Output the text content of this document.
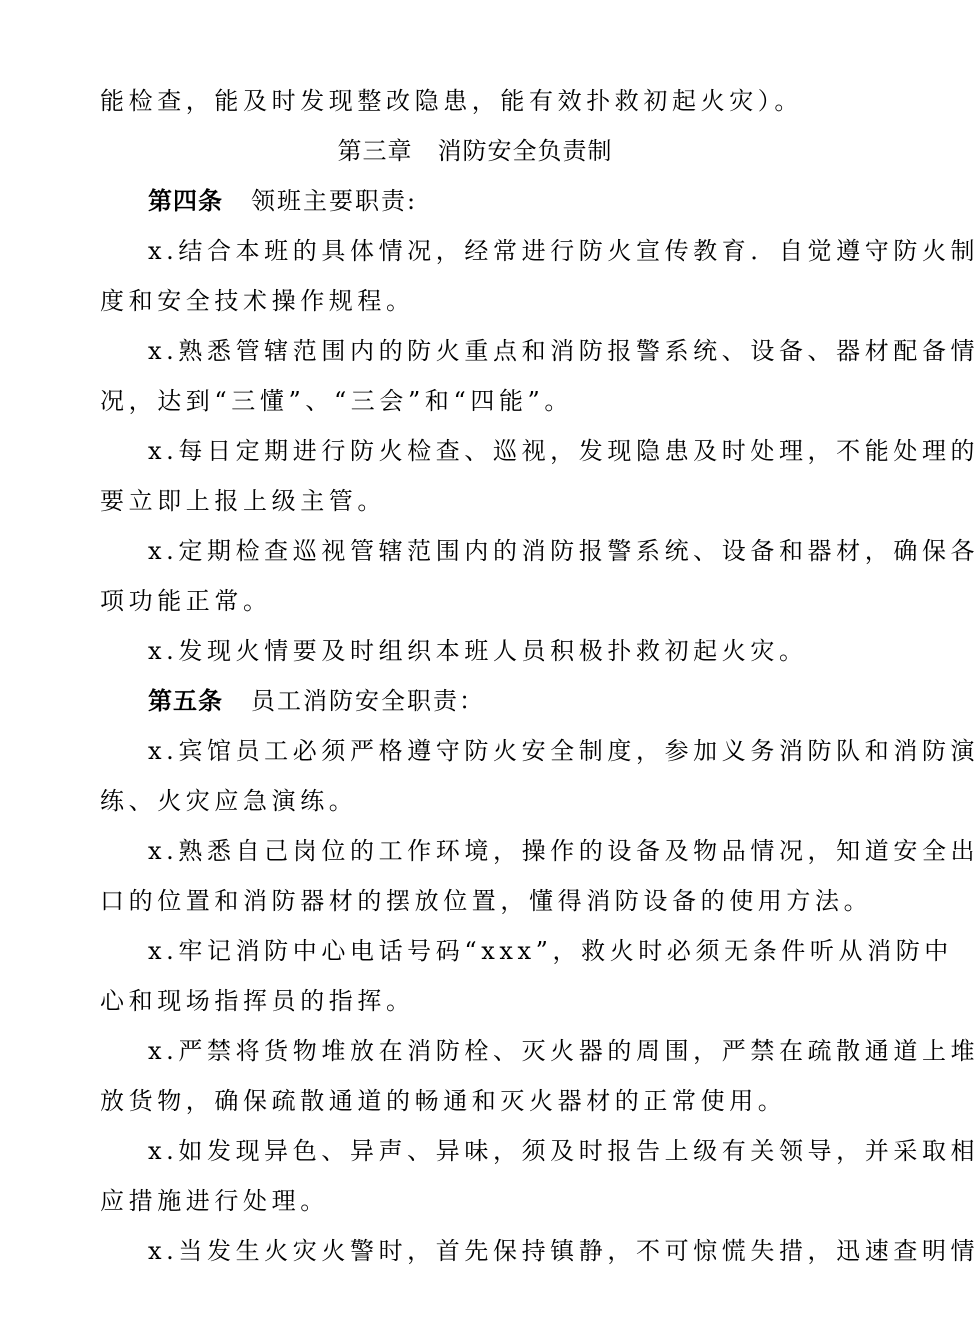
能检查，能及时发现整改隐患，能有效扑救初起火灾）。
第三章　消防安全负责制
第四条 领班主要职责:
x.结合本班的具体情况，经常进行防火宣传教育．自觉遵守防火制
度和安全技术操作规程。
x.熟悉管辖范围内的防火重点和消防报警系统、设备、器材配备情
况，达到“三懂”、“三会”和“四能”。
x.每日定期进行防火检查、巡视，发现隐患及时处理，不能处理的
要立即上报上级主管。
x.定期检查巡视管辖范围内的消防报警系统、设备和器材，确保各
项功能正常。
x.发现火情要及时组织本班人员积极扑救初起火灾。
第五条 员工消防安全职责：
x.宾馆员工必须严格遵守防火安全制度，参加义务消防队和消防演
练、火灾应急演练。
x.熟悉自己岗位的工作环境，操作的设备及物品情况，知道安全出
口的位置和消防器材的摆放位置，懂得消防设备的使用方法。
x.牢记消防中心电话号码“xxx”，救火时必须无条件听从消防中
心和现场指挥员的指挥。
x.严禁将货物堆放在消防栓、灭火器的周围，严禁在疏散通道上堆
放货物，确保疏散通道的畅通和灭火器材的正常使用。
x.如发现异色、异声、异味，须及时报告上级有关领导，并采取相
应措施进行处理。
x.当发生火灾火警时，首先保持镇静，不可惊慌失措，迅速查明情
